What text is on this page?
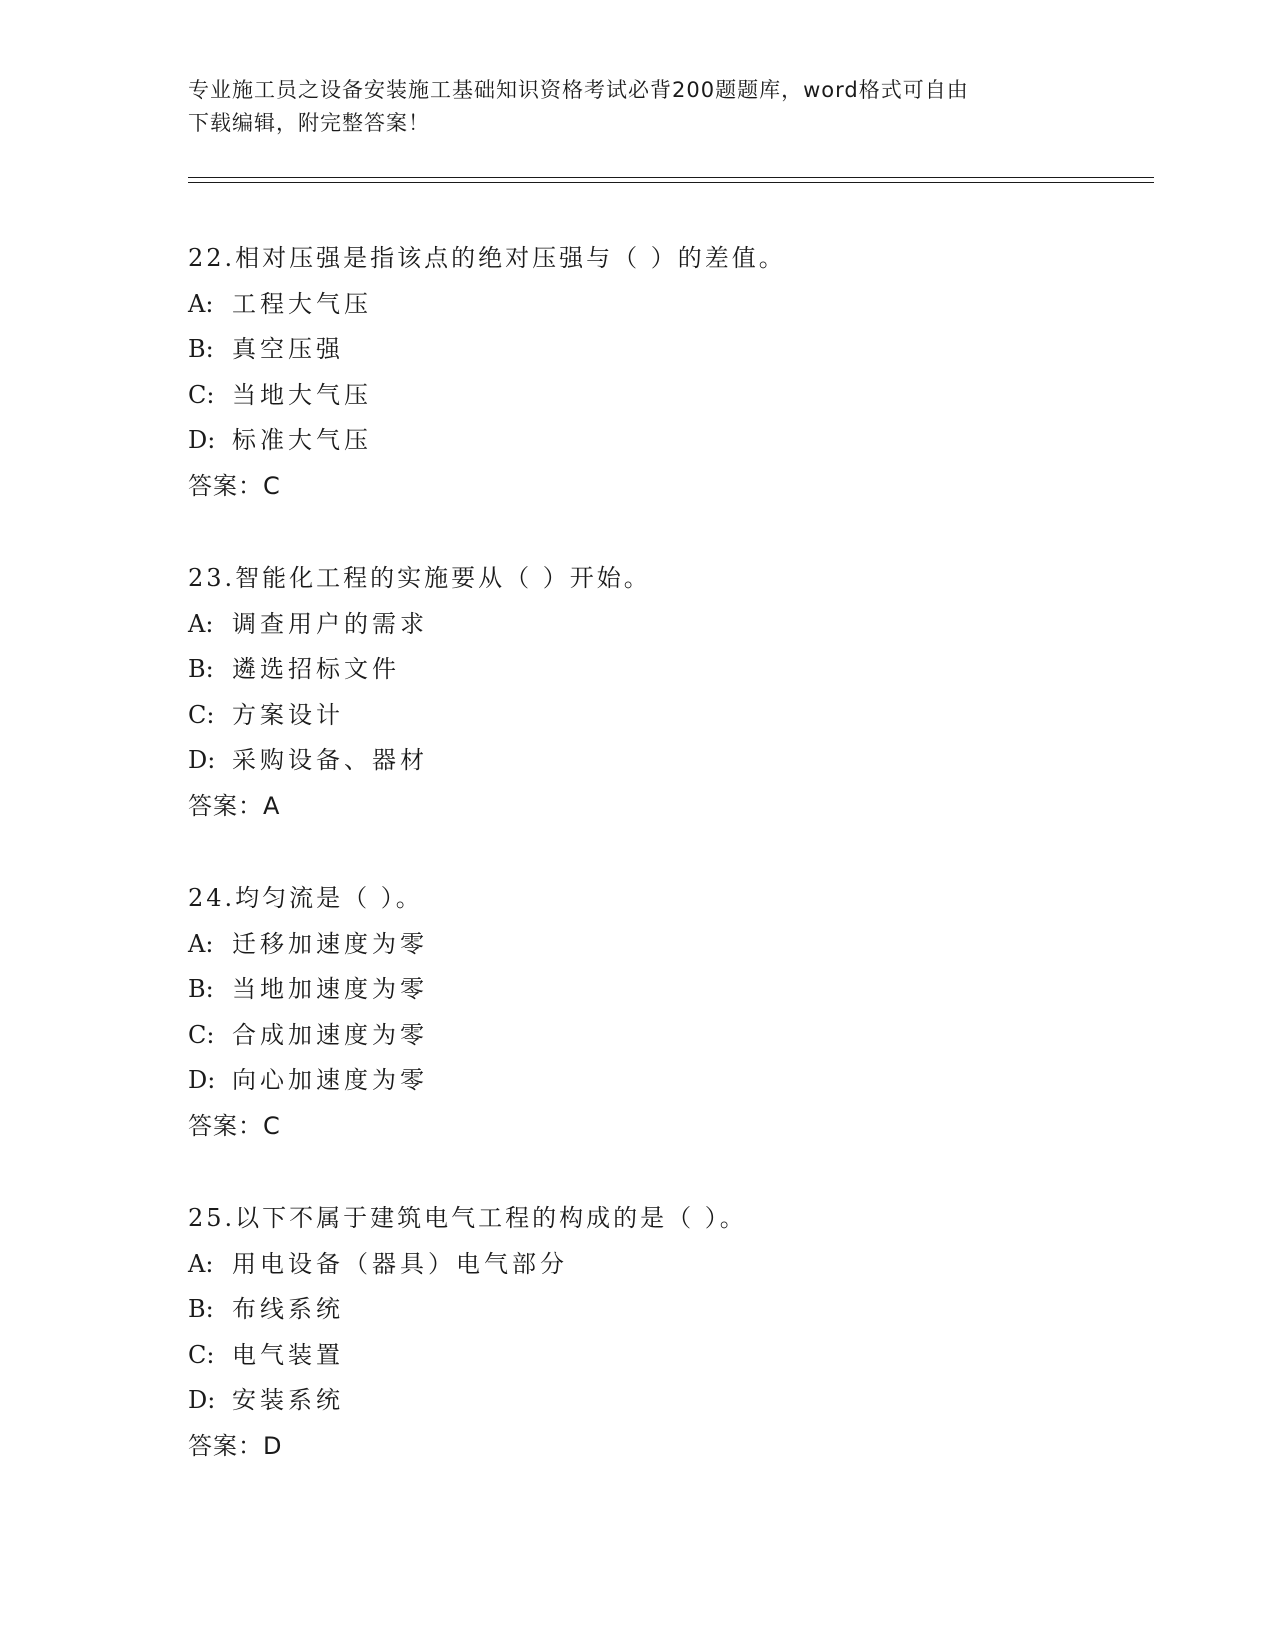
专业施工员之设备安装施工基础知识资格考试必背200题题库，word格式可自由
下载编辑，附完整答案！
22.相对压强是指该点的绝对压强与（ ）的差值。
A: 工程大气压
B: 真空压强
C: 当地大气压
D: 标准大气压
答案：C
23.智能化工程的实施要从（ ）开始。
A: 调查用户的需求
B: 遴选招标文件
C: 方案设计
D: 采购设备、器材
答案：A
24.均匀流是（ ）。
A: 迁移加速度为零
B: 当地加速度为零
C: 合成加速度为零
D: 向心加速度为零
答案：C
25.以下不属于建筑电气工程的构成的是（ ）。
A: 用电设备（器具）电气部分
B: 布线系统
C: 电气装置
D: 安装系统
答案：D
